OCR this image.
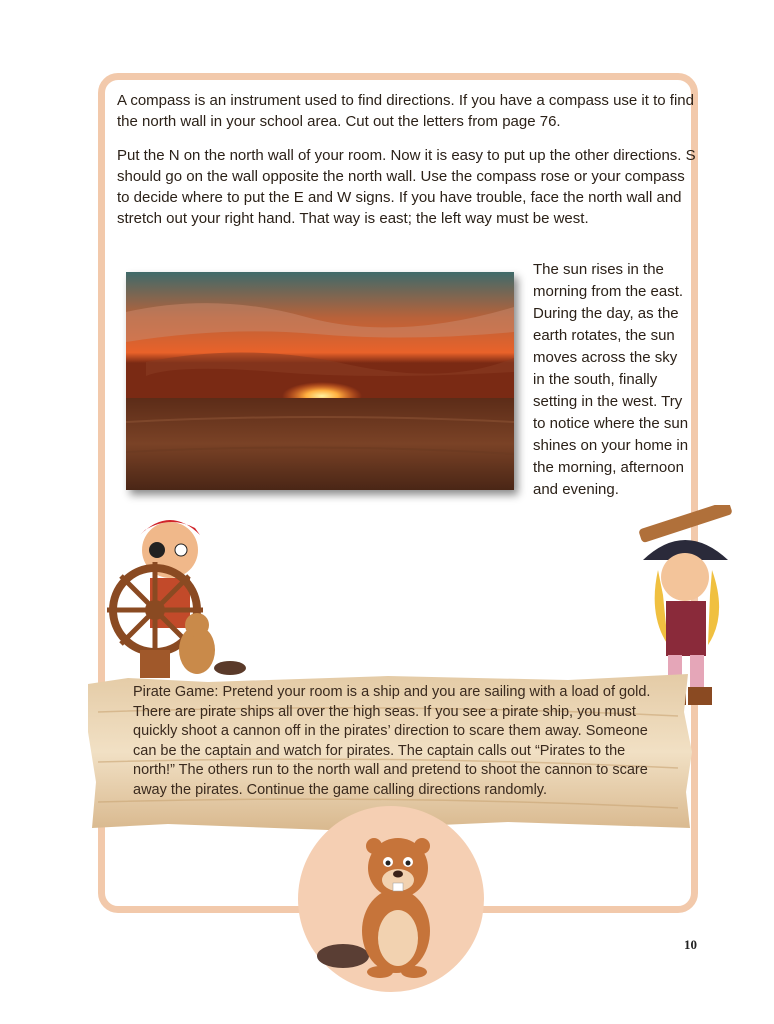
A compass is an instrument used to find directions. If you have a compass use it to find the north wall in your school area. Cut out the letters from page 76.

Put the N on the north wall of your room. Now it is easy to put up the other directions. S should go on the wall opposite the north wall. Use the compass rose or your compass to decide where to put the E and W signs. If you have trouble, face the north wall and stretch out your right hand. That way is east; the left way must be west.

The sun rises in the morning from the east. During the day, as the earth rotates, the sun moves across the sky in the south, finally setting in the west. Try to notice where the sun shines on your home in the morning, afternoon and evening.

Pirate Game: Pretend your room is a ship and you are sailing with a load of gold. There are pirate ships all over the high seas. If you see a pirate ship, you must quickly shoot a cannon off in the pirates’ direction to scare them away. Someone can be the captain and watch for pirates. The captain calls out “Pirates to the north!” The others run to the north wall and pretend to shoot the cannon to scare away the pirates. Continue the game calling directions randomly.

10
